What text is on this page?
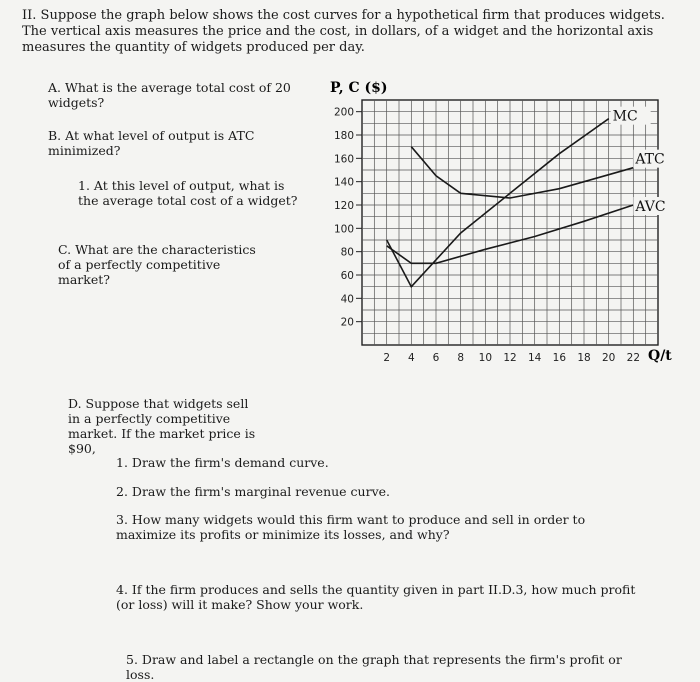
II. Suppose the graph below shows the cost curves for a hypothetical firm that produces widgets. The vertical axis measures the price and the cost, in dollars, of a widget and the horizontal axis measures the quantity of widgets produced per day.
A. What is the average total cost of 20 widgets?
B. At what level of output is ATC minimized?
1. At this level of output, what is the average total cost of a widget?
C. What are the characteristics of a perfectly competitive market?
D. Suppose that widgets sell in a perfectly competitive market. If the market price is $90,
1. Draw the firm's demand curve.
2. Draw the firm's marginal revenue curve.
3. How many widgets would this firm want to produce and sell in order to maximize its profits or minimize its losses, and why?
4. If the firm produces and sells the quantity given in part II.D.3, how much profit (or loss) will it make? Show your work.
5. Draw and label a rectangle on the graph that represents the firm's profit or loss.
P, C ($)
Q/t
20
40
60
80
100
120
140
160
180
200
2 4 6 8 10 12 14 16 18 20 22
MC
ATC
AVC
